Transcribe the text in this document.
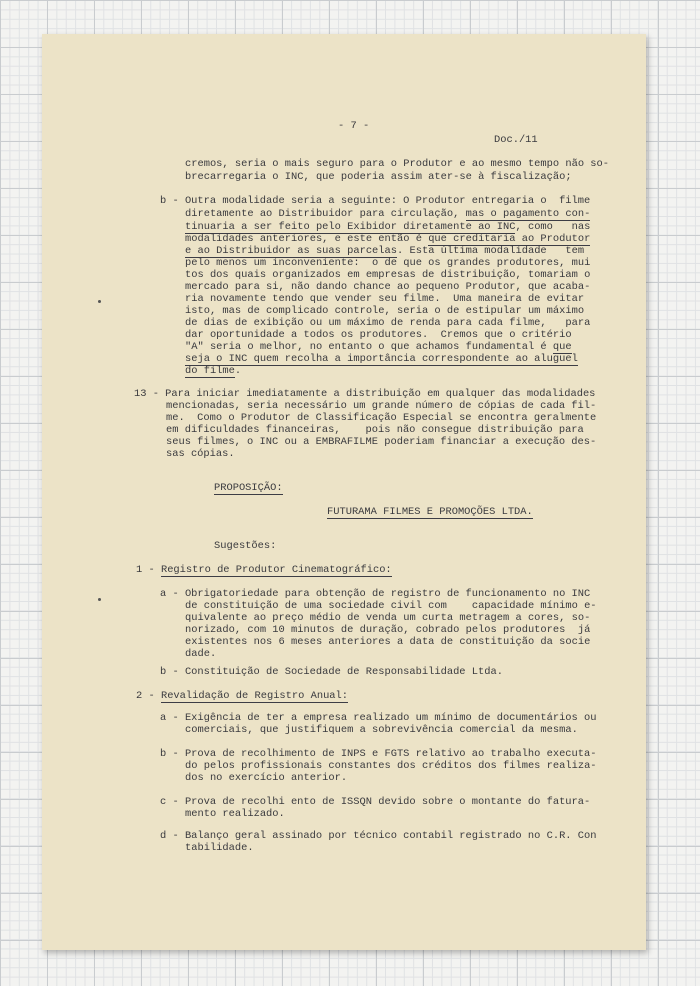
- 7 -
Doc./11
cremos, seria o mais seguro para o Produtor e ao mesmo tempo não so-
brecarregaria o INC, que poderia assim ater-se à fiscalização;
b - Outra modalidade seria a seguinte: O Produtor entregaria o  filme
diretamente ao Distribuidor para circulação, mas o pagamento con-
tinuaria a ser feito pelo Exibidor diretamente ao INC, como   nas
modalidades anteriores, e este então é que creditaria ao Produtor
e ao Distribuidor as suas parcelas. Esta última modalidade   tem
pelo menos um inconveniente:  o de que os grandes produtores, mui
tos dos quais organizados em empresas de distribuição, tomariam o
mercado para si, não dando chance ao pequeno Produtor, que acaba-
ria novamente tendo que vender seu filme.  Uma maneira de evitar
isto, mas de complicado controle, seria o de estipular um máximo
de dias de exibição ou um máximo de renda para cada filme,   para
dar oportunidade a todos os produtores.  Cremos que o critério
"A" seria o melhor, no entanto o que achamos fundamental é que
seja o INC quem recolha a importância correspondente ao aluguel
do filme.
13 - Para iniciar imediatamente a distribuição em qualquer das modalidades
mencionadas, seria necessário um grande número de cópias de cada fil-
me.  Como o Produtor de Classificação Especial se encontra geralmente
em dificuldades financeiras,    pois não consegue distribuição para
seus filmes, o INC ou a EMBRAFILME poderiam financiar a execução des-
sas cópias.
PROPOSIÇÃO:
FUTURAMA FILMES E PROMOÇÕES LTDA.
Sugestões:
1 - Registro de Produtor Cinematográfico:
a - Obrigatoriedade para obtenção de registro de funcionamento no INC
de constituição de uma sociedade civil com    capacidade mínimo e-
quivalente ao preço médio de venda um curta metragem a cores, so-
norizado, com 10 minutos de duração, cobrado pelos produtores  já
existentes nos 6 meses anteriores a data de constituição da socie
dade.
b - Constituição de Sociedade de Responsabilidade Ltda.
2 - Revalidação de Registro Anual:
a - Exigência de ter a empresa realizado um mínimo de documentários ou
comerciais, que justifiquem a sobrevivência comercial da mesma.
b - Prova de recolhimento de INPS e FGTS relativo ao trabalho executa-
do pelos profissionais constantes dos créditos dos filmes realiza-
dos no exercício anterior.
c - Prova de recolhi ento de ISSQN devido sobre o montante do fatura-
mento realizado.
d - Balanço geral assinado por técnico contabil registrado no C.R. Con
tabilidade.
